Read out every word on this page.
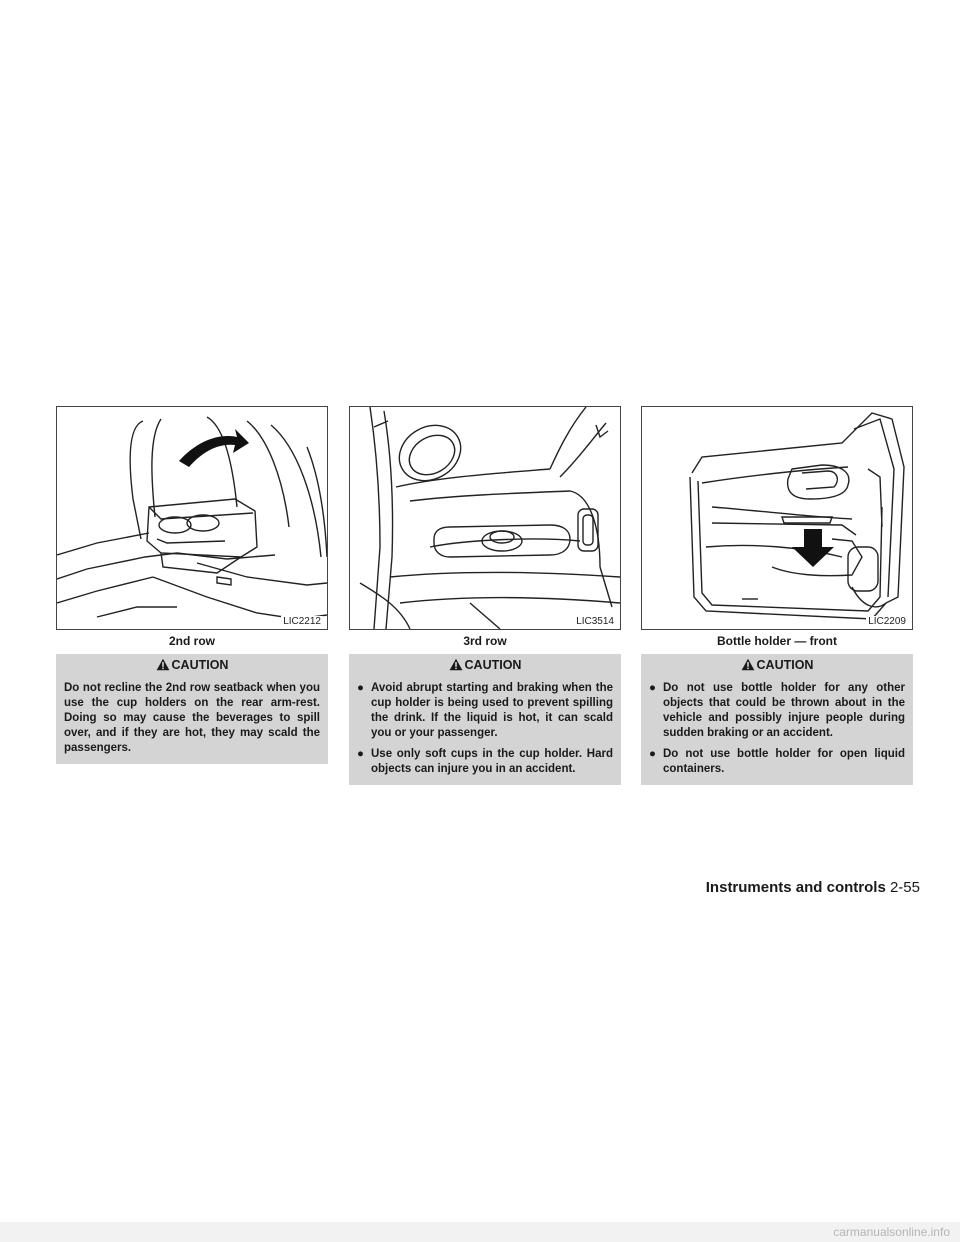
LIC2212
2nd row
CAUTION

Do not recline the 2nd row seatback when you use the cup holders on the rear arm-rest. Doing so may cause the beverages to spill over, and if they are hot, they may scald the passengers.

LIC3514
3rd row
CAUTION
● Avoid abrupt starting and braking when the cup holder is being used to prevent spilling the drink. If the liquid is hot, it can scald you or your passenger.
● Use only soft cups in the cup holder. Hard objects can injure you in an accident.
LIC2209
Bottle holder — front
CAUTION
● Do not use bottle holder for any other objects that could be thrown about in the vehicle and possibly injure people during sudden braking or an accident.
● Do not use bottle holder for open liquid containers.
Instruments and controls 2-55
carmanualsonline.info
